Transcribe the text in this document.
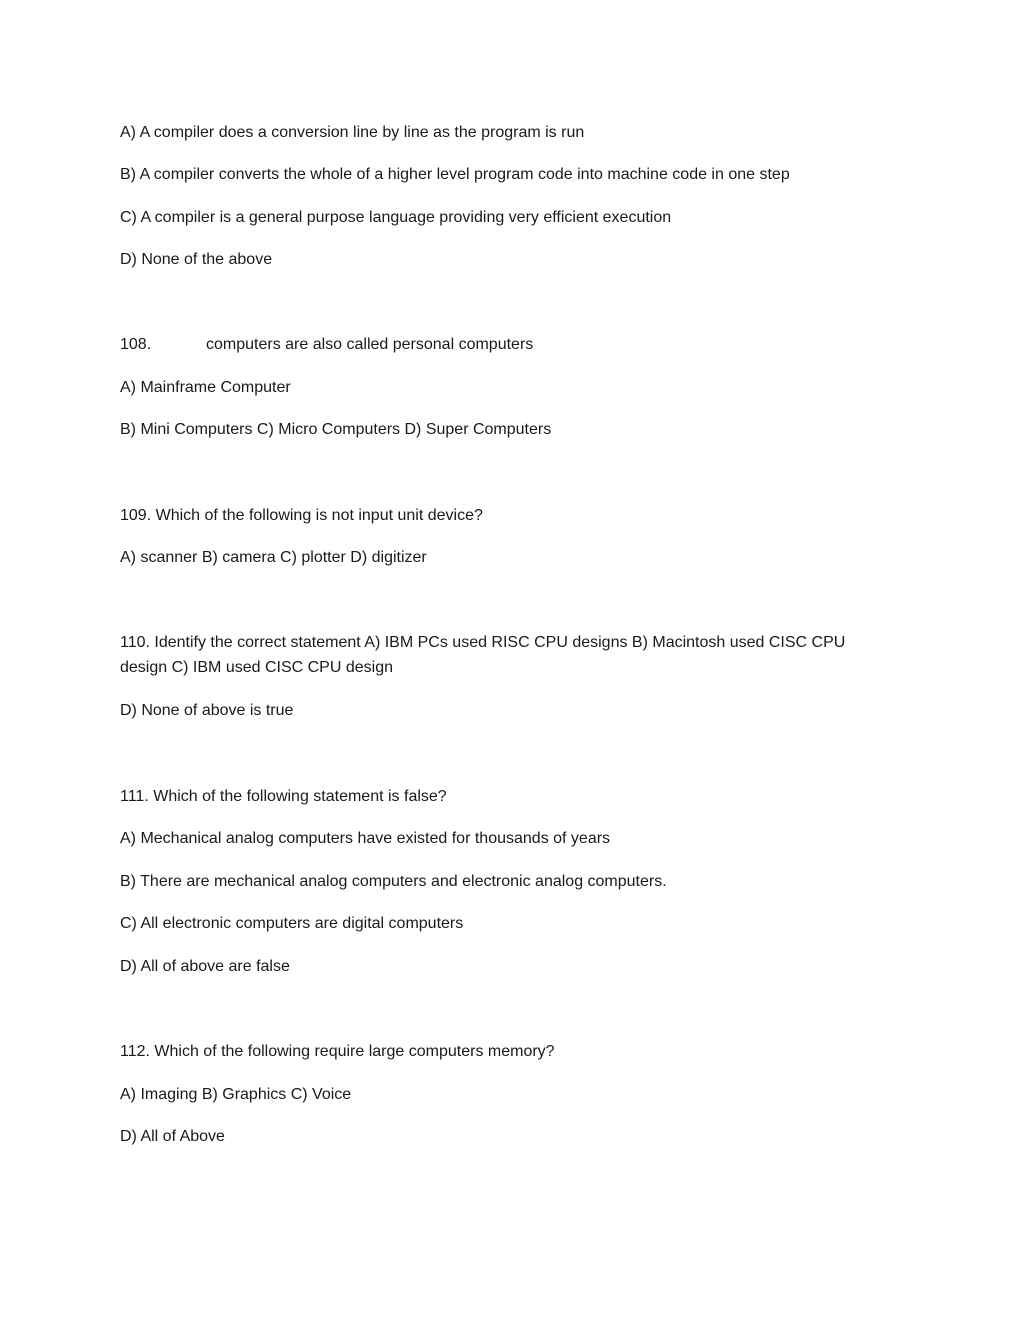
A) A compiler does a conversion line by line as the program is run
B) A compiler converts the whole of a higher level program code into machine code in one step
C) A compiler is a general purpose language providing very efficient execution
D) None of the above
108.	computers are also called personal computers
A) Mainframe Computer
B) Mini Computers C) Micro Computers D) Super Computers
109. Which of the following is not input unit device?
A) scanner B) camera C) plotter D) digitizer
110. Identify the correct statement A) IBM PCs used RISC CPU designs B) Macintosh used CISC CPU design C) IBM used CISC CPU design
D) None of above is true
111. Which of the following statement is false?
A) Mechanical analog computers have existed for thousands of years
B) There are mechanical analog computers and electronic analog computers.
C) All electronic computers are digital computers
D) All of above are false
112. Which of the following require large computers memory?
A) Imaging B) Graphics C) Voice
D) All of Above
